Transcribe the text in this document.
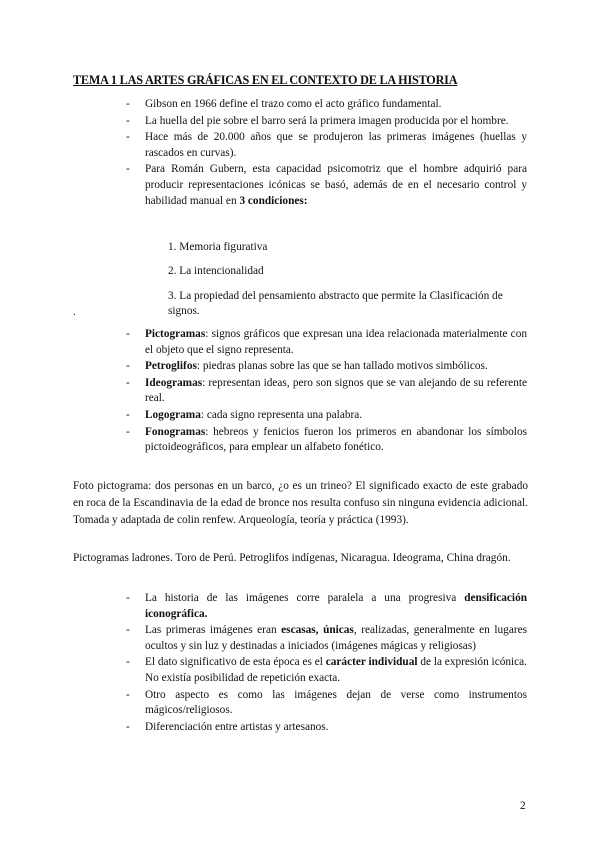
TEMA 1 LAS ARTES GRÁFICAS EN EL CONTEXTO DE LA HISTORIA
- Gibson en 1966 define el trazo como el acto gráfico fundamental.
- La huella del pie sobre el barro será la primera imagen producida por el hombre.
- Hace más de 20.000 años que se produjeron las primeras imágenes (huellas y rascados en curvas).
- Para Román Gubern, esta capacidad psicomotriz que el hombre adquirió para producir representaciones icónicas se basó, además de en el necesario control y habilidad manual en 3 condiciones:
1. Memoria figurativa
2. La intencionalidad
3. La propiedad del pensamiento abstracto que permite la Clasificación de signos.
.
- Pictogramas: signos gráficos que expresan una idea relacionada materialmente con el objeto que el signo representa.
- Petroglifos: piedras planas sobre las que se han tallado motivos simbólicos.
- Ideogramas: representan ideas, pero son signos que se van alejando de su referente real.
- Logograma: cada signo representa una palabra.
- Fonogramas: hebreos y fenicios fueron los primeros en abandonar los símbolos pictoideográficos, para emplear un alfabeto fonético.

Foto pictograma: dos personas en un barco, ¿o es un trineo? El significado exacto de este grabado en roca de la Escandinavia de la edad de bronce nos resulta confuso sin ninguna evidencia adicional. Tomada y adaptada de colin renfew. Arqueología, teoría y práctica (1993).

Pictogramas ladrones. Toro de Perú. Petroglifos indígenas, Nicaragua. Ideograma, China dragón.

- La historia de las imágenes corre paralela a una progresiva densificación iconográfica.
- Las primeras imágenes eran escasas, únicas, realizadas, generalmente en lugares ocultos y sin luz y destinadas a iniciados (imágenes mágicas y religiosas)
- El dato significativo de esta época es el carácter individual de la expresión icónica. No existía posibilidad de repetición exacta.
- Otro aspecto es como las imágenes dejan de verse como instrumentos mágicos/religiosos.
- Diferenciación entre artistas y artesanos.
2
